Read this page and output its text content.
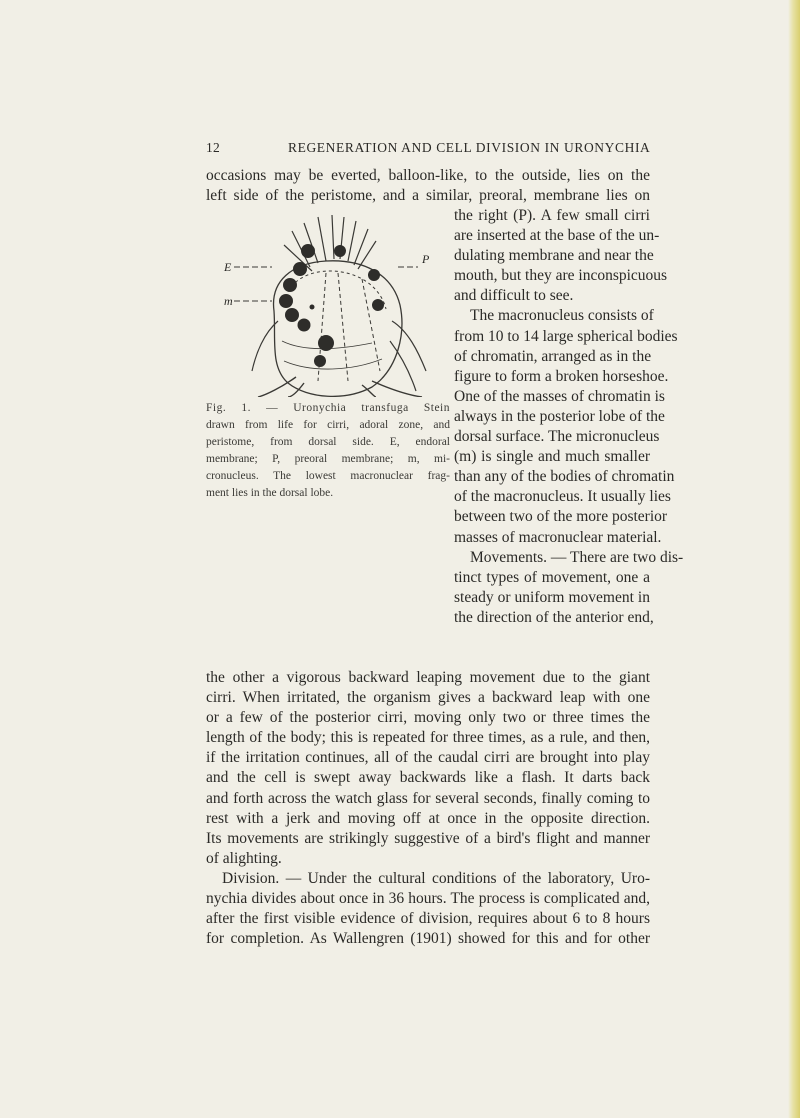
12	REGENERATION AND CELL DIVISION IN URONYCHIA
occasions may be everted, balloon-like, to the outside, lies on the
left side of the peristome, and a similar, preoral, membrane lies on
E
m
P
Fig. 1. — Uronychia transfuga Stein
drawn from life for cirri, adoral zone, and
peristome, from dorsal side. E, endoral
membrane; P, preoral membrane; m, mi-
cronucleus. The lowest macronuclear frag-
ment lies in the dorsal lobe.
the right (P). A few small cirri
are inserted at the base of the un-
dulating membrane and near the
mouth, but they are inconspicuous
and difficult to see.
The macronucleus consists of
from 10 to 14 large spherical bodies
of chromatin, arranged as in the
figure to form a broken horseshoe.
One of the masses of chromatin is
always in the posterior lobe of the
dorsal surface. The micronucleus
(m) is single and much smaller
than any of the bodies of chromatin
of the macronucleus. It usually lies
between two of the more posterior
masses of macronuclear material.
Movements. — There are two dis-
tinct types of movement, one a
steady or uniform movement in
the direction of the anterior end,
the other a vigorous backward leaping movement due to the giant
cirri. When irritated, the organism gives a backward leap with one
or a few of the posterior cirri, moving only two or three times the
length of the body; this is repeated for three times, as a rule, and then,
if the irritation continues, all of the caudal cirri are brought into play
and the cell is swept away backwards like a flash. It darts back
and forth across the watch glass for several seconds, finally coming to
rest with a jerk and moving off at once in the opposite direction.
Its movements are strikingly suggestive of a bird's flight and manner
of alighting.
Division. — Under the cultural conditions of the laboratory, Uro-
nychia divides about once in 36 hours. The process is complicated and,
after the first visible evidence of division, requires about 6 to 8 hours
for completion. As Wallengren (1901) showed for this and for other
